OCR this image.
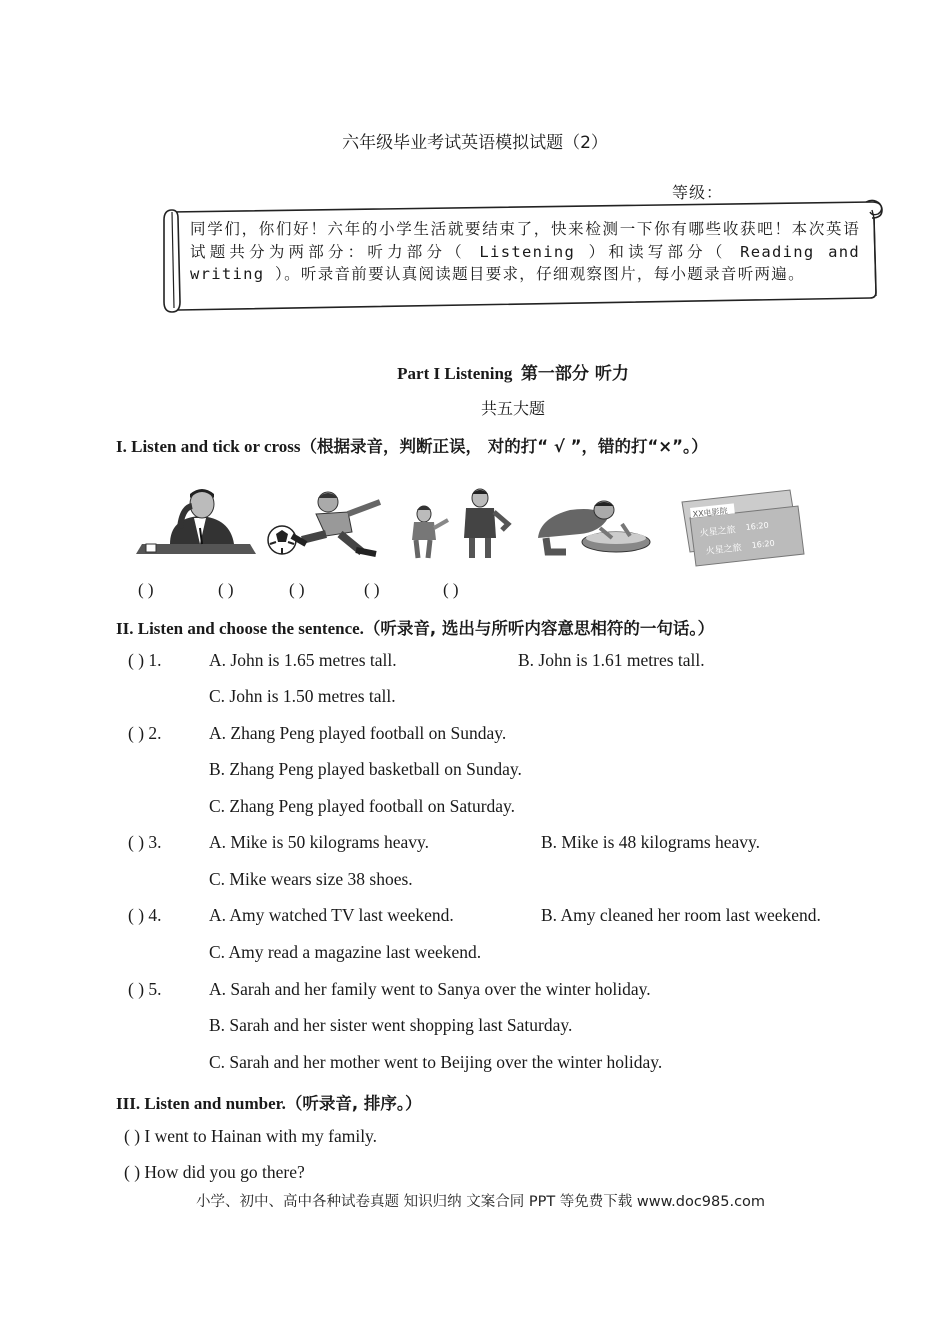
六年级毕业考试英语模拟试题（2）
等级：
同学们，你们好！六年的小学生活就要结束了，快来检测一下你有哪些收获吧！本次英语试题共分为两部分：听力部分（ Listening ）和读写部分（ Reading and writing ）。听录音前要认真阅读题目要求，仔细观察图片，每小题录音听两遍。
Part I Listening 第一部分 听力
共五大题
I. Listen and tick or cross（根据录音，判断正误， 对的打“ √ ”，错的打“×”。）
XX电影院
火星之旅 16:20
火星之旅 16:20
( )	( )	( )	( )	( )
II. Listen and choose the sentence.（听录音, 选出与所听内容意思相符的一句话。）
( ) 1.	A. John is 1.65 metres tall.	B. John is 1.61 metres tall.
C. John is 1.50 metres tall.
( ) 2.	A. Zhang Peng played football on Sunday.
B. Zhang Peng played basketball on Sunday.
C. Zhang Peng played football on Saturday.
( ) 3.	A. Mike is 50 kilograms heavy.	B. Mike is 48 kilograms heavy.
C. Mike wears size 38 shoes.
( ) 4.	A. Amy watched TV last weekend.	B. Amy cleaned her room last weekend.
C. Amy read a magazine last weekend.
( ) 5.	A. Sarah and her family went to Sanya over the winter holiday.
B. Sarah and her sister went shopping last Saturday.
C. Sarah and her mother went to Beijing over the winter holiday.
III. Listen and number.（听录音, 排序。）
( ) I went to Hainan with my family.
( ) How did you go there?
小学、初中、高中各种试卷真题 知识归纳 文案合同 PPT 等免费下载 www.doc985.com
